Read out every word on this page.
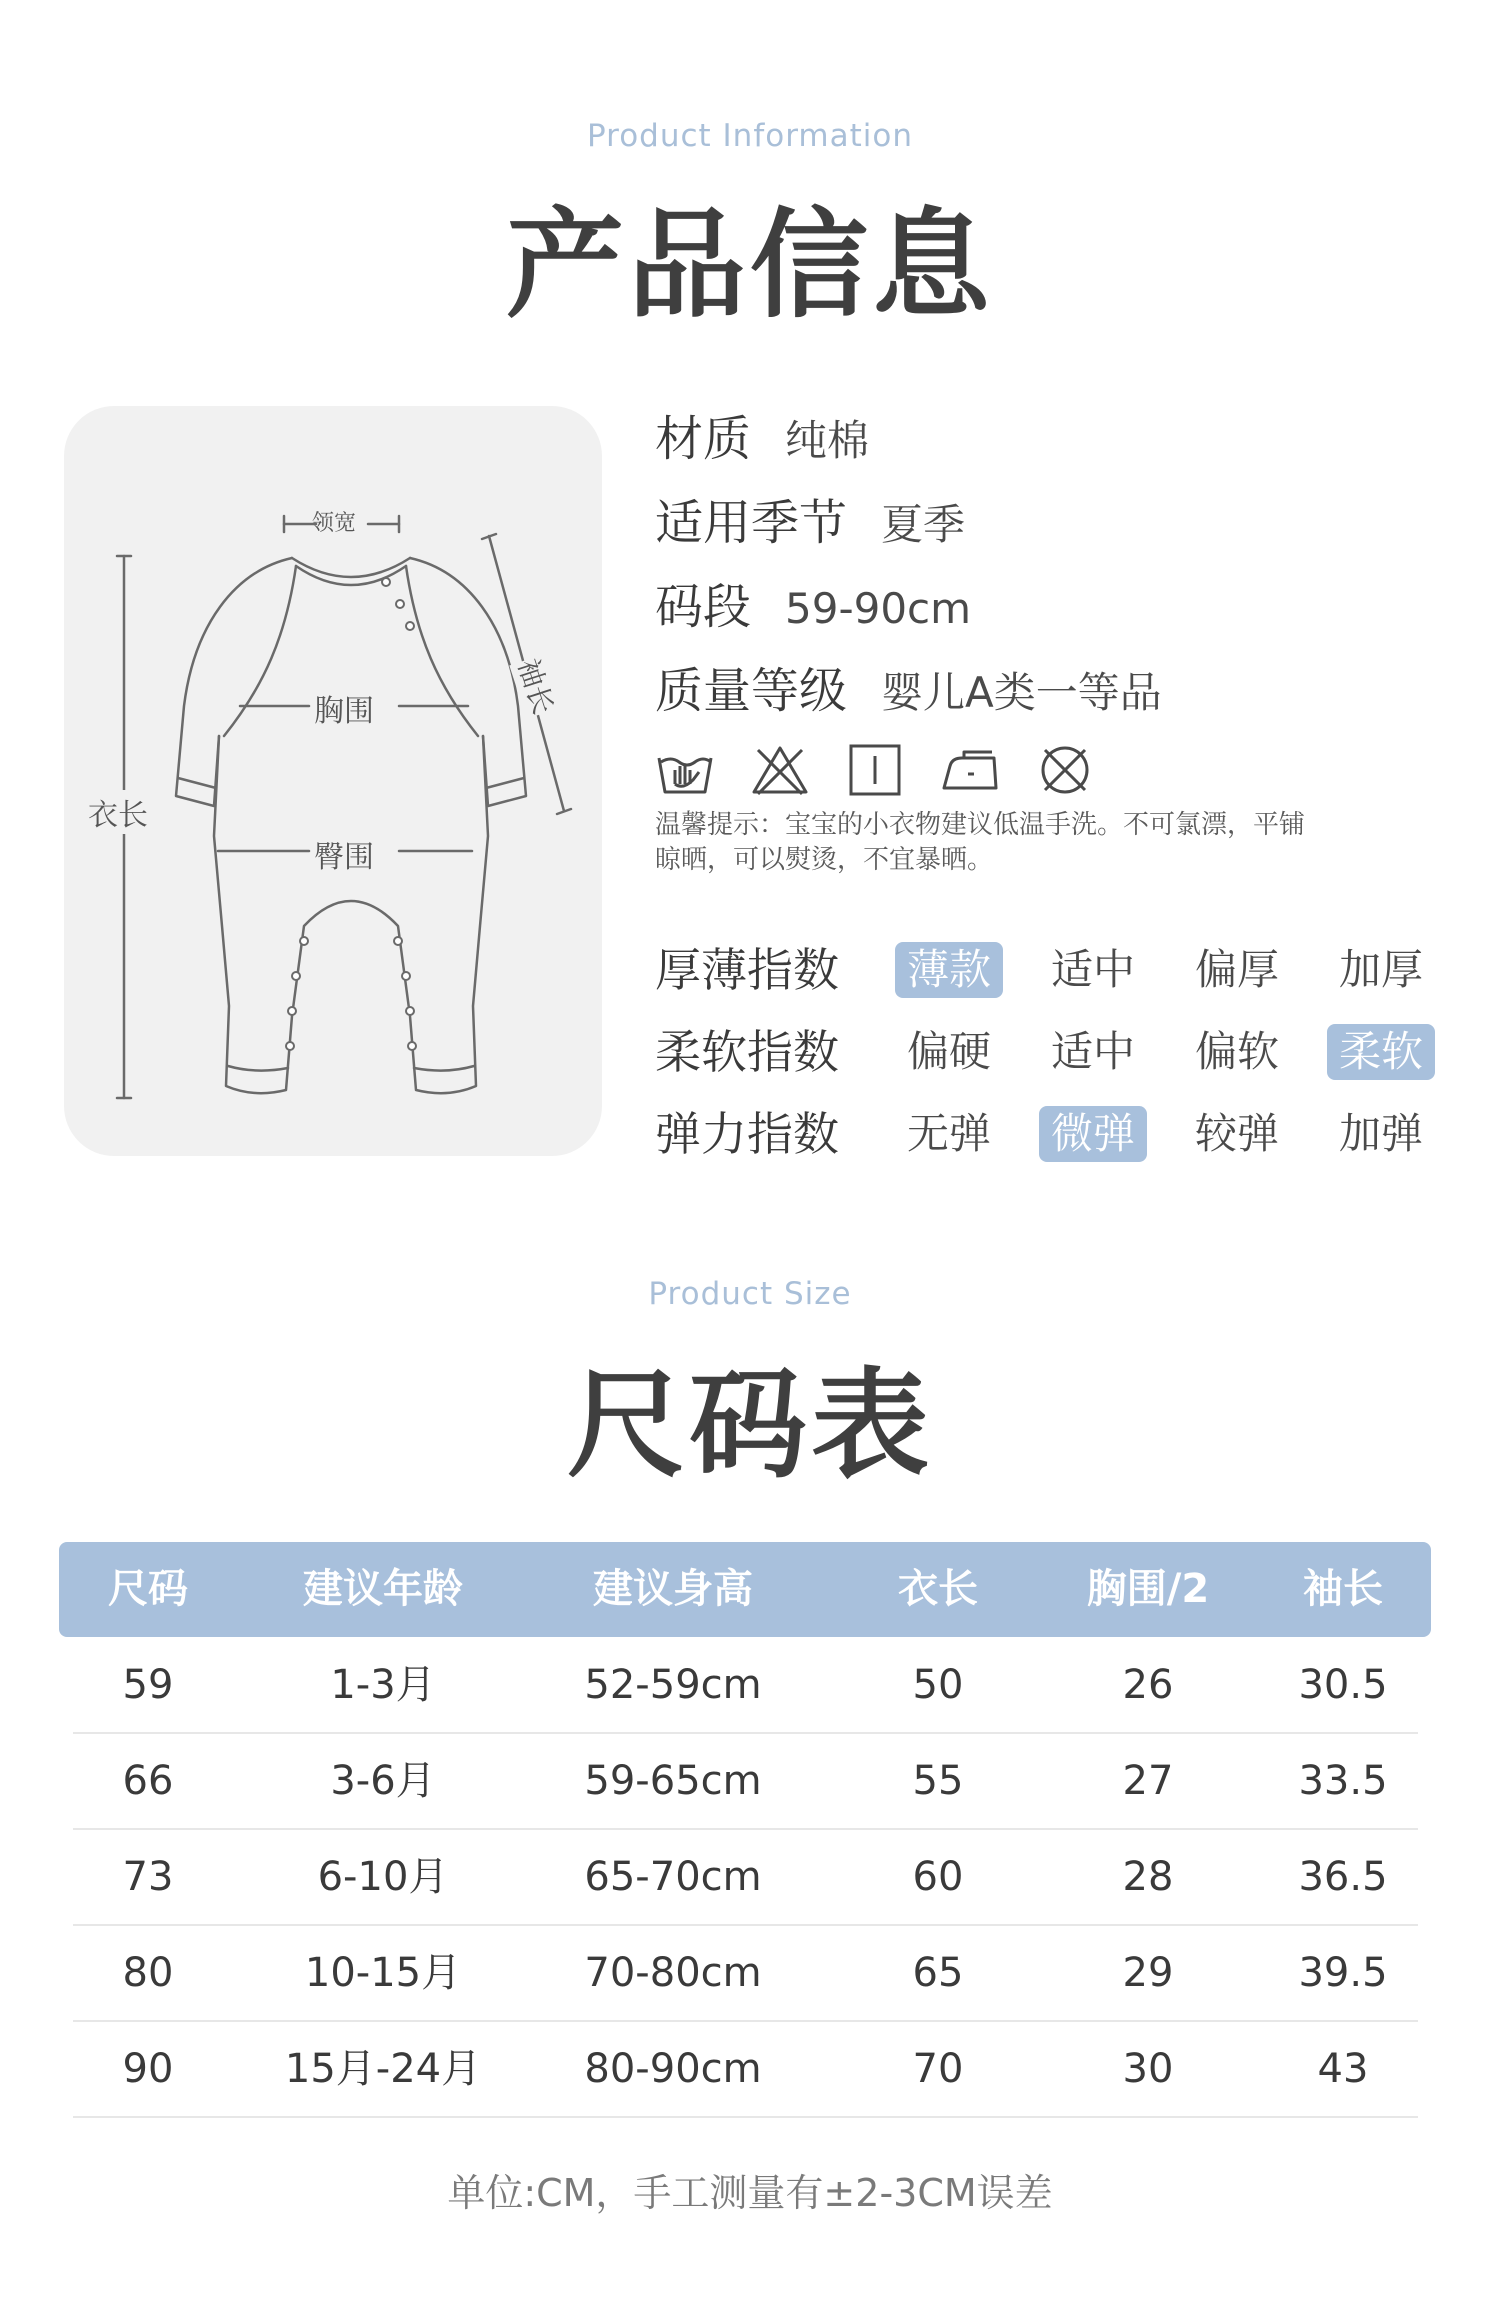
Product Information
产品信息
领宽
胸围
臀围
衣长
袖长
材质 纯棉
适用季节 夏季
码段 59-90cm
质量等级 婴儿A类一等品
温馨提示：宝宝的小衣物建议低温手洗。不可氯漂，平铺
晾晒，可以熨烫，不宜暴晒。
厚薄指数 薄款 适中 偏厚 加厚
柔软指数 偏硬 适中 偏软 柔软
弹力指数 无弹 微弹 较弹 加弹
Product Size
尺码表
尺码	建议年龄	建议身高	衣长	胸围/2	袖长
59	1-3月	52-59cm	50	26	30.5
66	3-6月	59-65cm	55	27	33.5
73	6-10月	65-70cm	60	28	36.5
80	10-15月	70-80cm	65	29	39.5
90	15月-24月	80-90cm	70	30	43
单位:CM，手工测量有±2-3CM误差
